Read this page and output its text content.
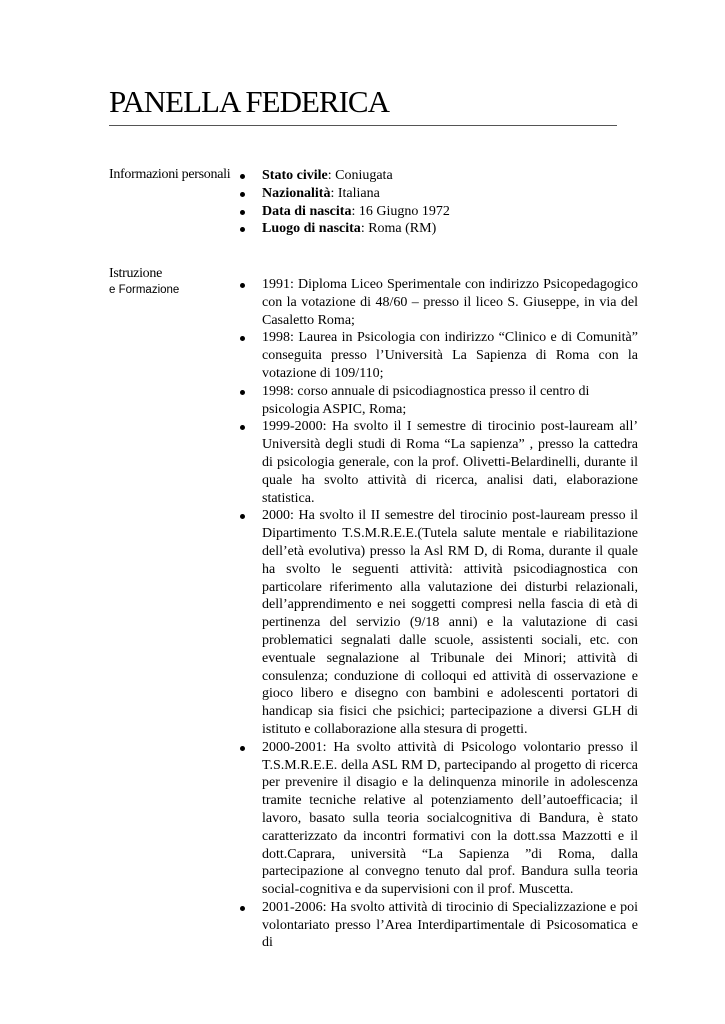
PANELLA FEDERICA
Informazioni personali Stato civile: Coniugata
Nazionalità: Italiana
Data di nascita: 16 Giugno 1972
Luogo di nascita: Roma (RM)
Istruzione
e Formazione	1991: Diploma Liceo Sperimentale con indirizzo Psicopedagogico con la votazione di 48/60 – presso il liceo S. Giuseppe, in via del Casaletto Roma;
1998: Laurea in Psicologia con indirizzo “Clinico e di Comunità” conseguita presso l’Università La Sapienza di Roma con la votazione di 109/110;
1998: corso annuale di psicodiagnostica presso il centro di psicologia ASPIC, Roma;
1999-2000: Ha svolto il I semestre di tirocinio post-lauream all’ Università degli studi di Roma “La sapienza” , presso la cattedra di psicologia generale, con la prof. Olivetti-Belardinelli, durante il quale ha svolto attività di ricerca, analisi dati, elaborazione statistica.
2000: Ha svolto il II semestre del tirocinio post-lauream presso il Dipartimento T.S.M.R.E.E.(Tutela salute mentale e riabilitazione dell’età evolutiva) presso la Asl RM D, di Roma, durante il quale ha svolto le seguenti attività: attività psicodiagnostica con particolare riferimento alla valutazione dei disturbi relazionali, dell’apprendimento e nei soggetti compresi nella fascia di età di pertinenza del servizio (9/18 anni) e la valutazione di casi problematici segnalati dalle scuole, assistenti sociali, etc. con eventuale segnalazione al Tribunale dei Minori; attività di consulenza; conduzione di colloqui ed attività di osservazione e gioco libero e disegno con bambini e adolescenti portatori di handicap sia fisici che psichici; partecipazione a diversi GLH di istituto e collaborazione alla stesura di progetti.
2000-2001: Ha svolto attività di Psicologo volontario presso il T.S.M.R.E.E. della ASL RM D, partecipando al progetto di ricerca per prevenire il disagio e la delinquenza minorile in adolescenza tramite tecniche relative al potenziamento dell’autoefficacia; il lavoro, basato sulla teoria socialcognitiva di Bandura, è stato caratterizzato da incontri formativi con la dott.ssa Mazzotti e il dott.Caprara, università “La Sapienza ”di Roma, dalla partecipazione al convegno tenuto dal prof. Bandura sulla teoria social-cognitiva e da supervisioni con il prof. Muscetta.
2001-2006: Ha svolto attività di tirocinio di Specializzazione e poi volontariato presso l’Area Interdipartimentale di Psicosomatica e di
